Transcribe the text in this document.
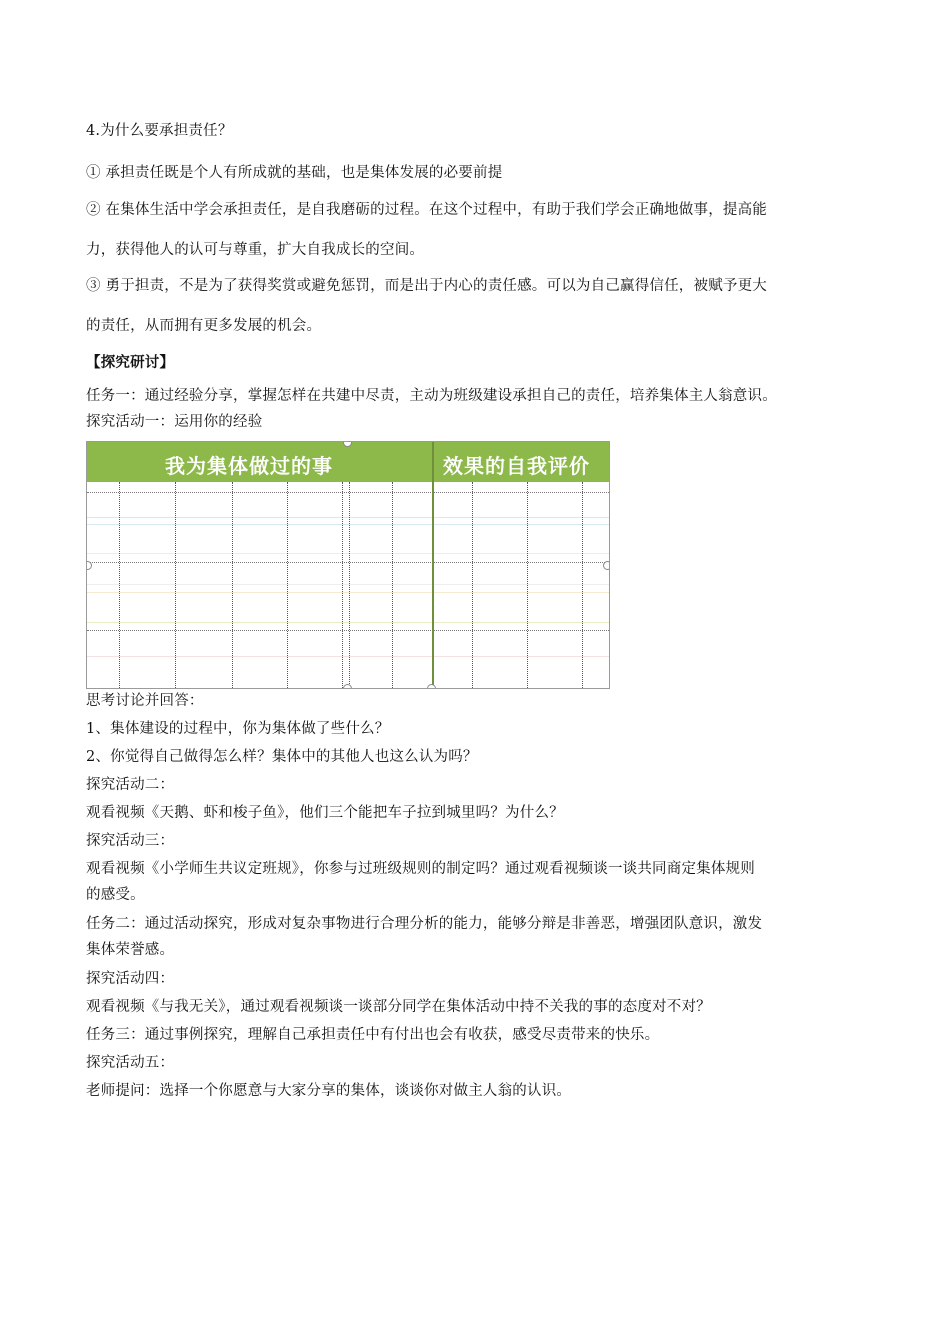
4.为什么要承担责任？
① 承担责任既是个人有所成就的基础，也是集体发展的必要前提
② 在集体生活中学会承担责任，是自我磨砺的过程。在这个过程中，有助于我们学会正确地做事，提高能
力，获得他人的认可与尊重，扩大自我成长的空间。
③ 勇于担责，不是为了获得奖赏或避免惩罚，而是出于内心的责任感。可以为自己赢得信任，被赋予更大
的责任，从而拥有更多发展的机会。
【探究研讨】
任务一：通过经验分享，掌握怎样在共建中尽责，主动为班级建设承担自己的责任，培养集体主人翁意识。
探究活动一：运用你的经验
思考讨论并回答：
1、集体建设的过程中，你为集体做了些什么？
2、你觉得自己做得怎么样？集体中的其他人也这么认为吗？
探究活动二：
观看视频《天鹅、虾和梭子鱼》，他们三个能把车子拉到城里吗？为什么？
探究活动三：
观看视频《小学师生共议定班规》，你参与过班级规则的制定吗？通过观看视频谈一谈共同商定集体规则
的感受。
任务二：通过活动探究，形成对复杂事物进行合理分析的能力，能够分辩是非善恶，增强团队意识，激发
集体荣誉感。
探究活动四：
观看视频《与我无关》，通过观看视频谈一谈部分同学在集体活动中持不关我的事的态度对不对？
任务三：通过事例探究，理解自己承担责任中有付出也会有收获，感受尽责带来的快乐。
探究活动五：
老师提问：选择一个你愿意与大家分享的集体，谈谈你对做主人翁的认识。
我为集体做过的事	效果的自我评价
